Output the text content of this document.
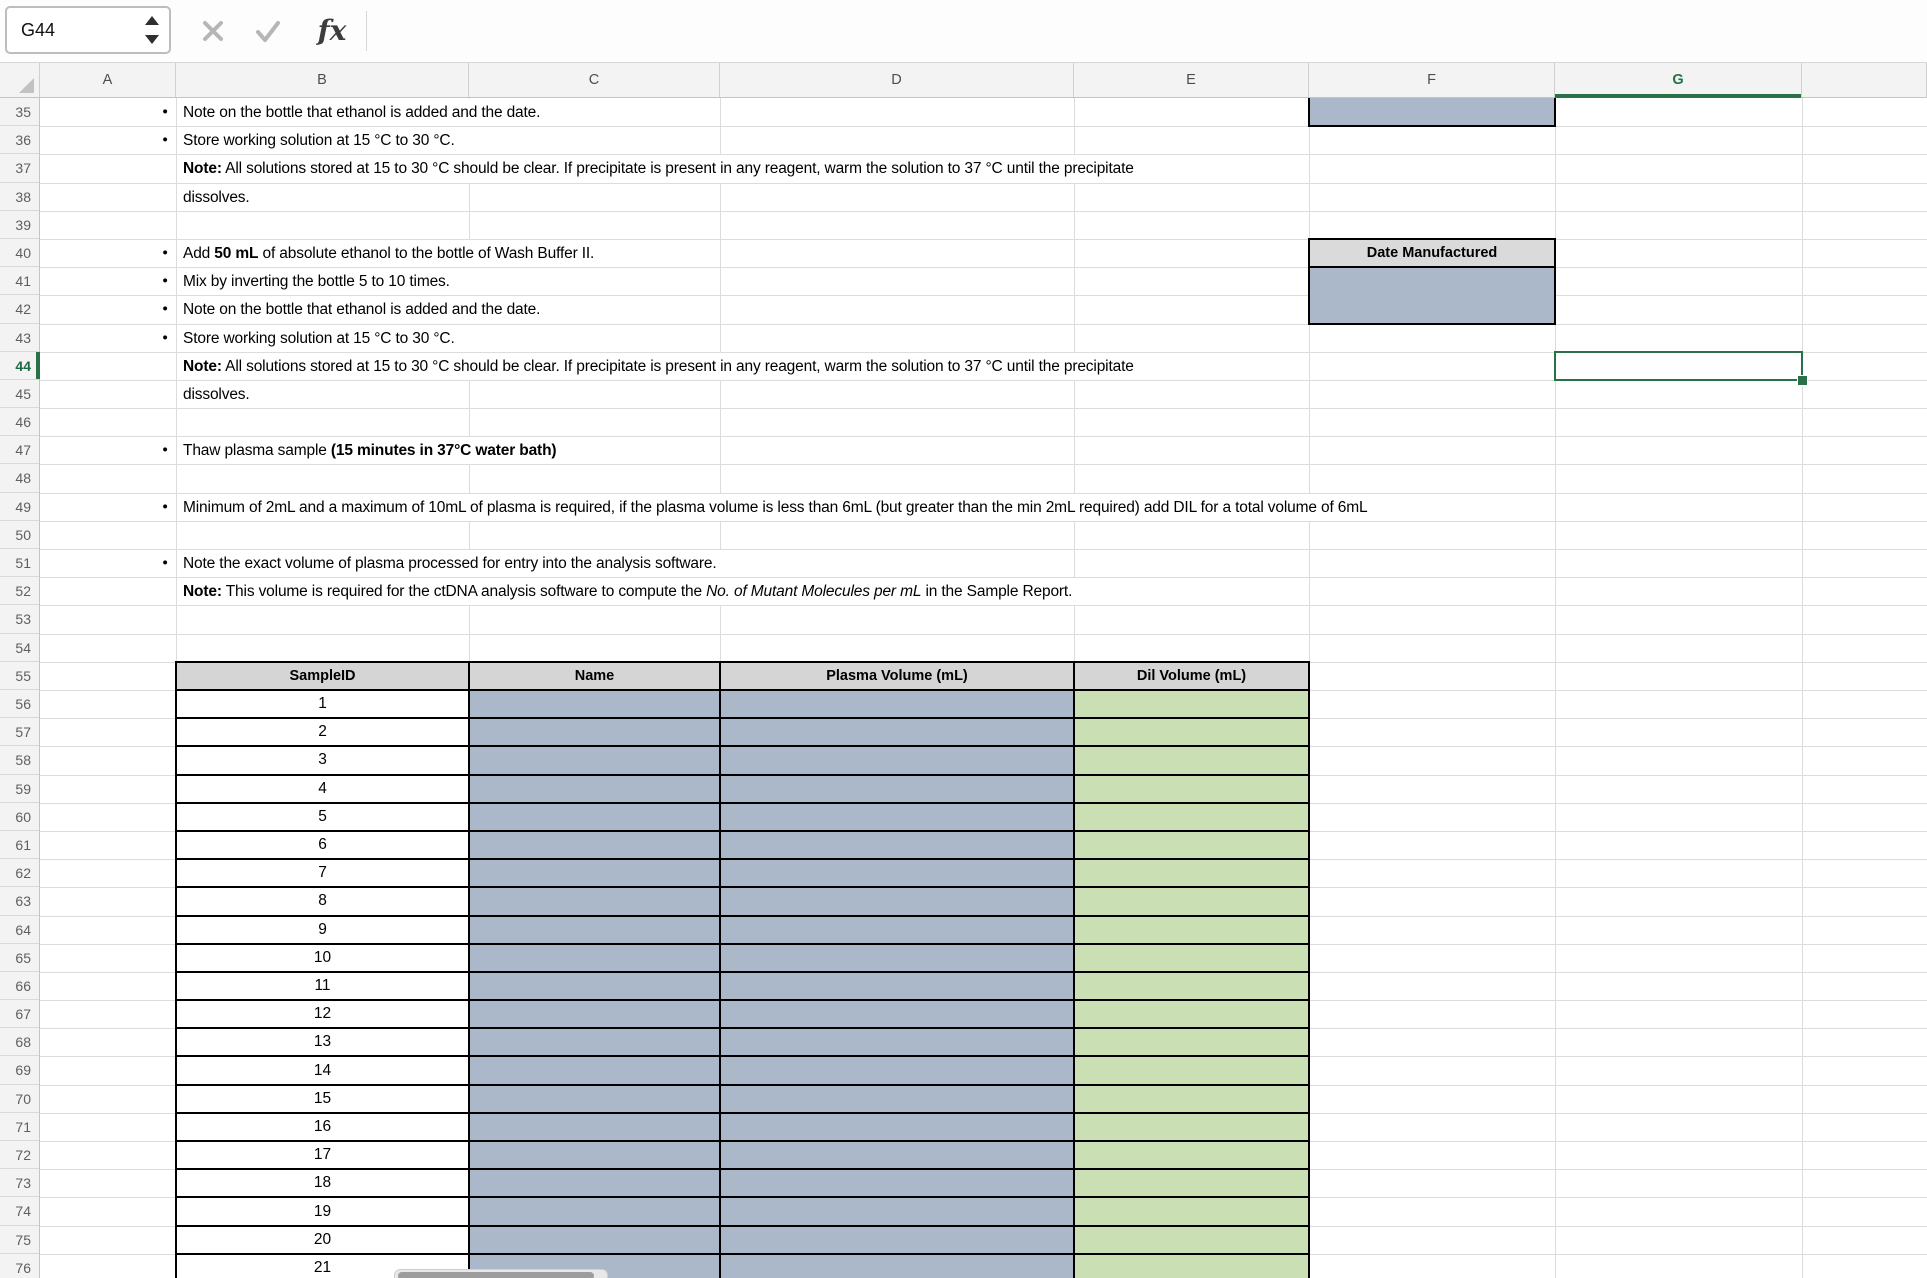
G44	fx
A	B	C	D	E	F	G
35
36
37
38
39
40
41
42
43
44
45
46
47
48
49
50
51
52
53
54
55
56
57
58
59
60
61
62
63
64
65
66
67
68
69
70
71
72
73
74
75
76
● Note on the bottle that ethanol is added and the date.
● Store working solution at 15 °C to 30 °C.
Note: All solutions stored at 15 to 30 °C should be clear. If precipitate is present in any reagent, warm the solution to 37 °C until the precipitate
dissolves.
● Add 50 mL of absolute ethanol to the bottle of Wash Buffer II.
● Mix by inverting the bottle 5 to 10 times.
● Note on the bottle that ethanol is added and the date.
● Store working solution at 15 °C to 30 °C.
Note: All solutions stored at 15 to 30 °C should be clear. If precipitate is present in any reagent, warm the solution to 37 °C until the precipitate
dissolves.
● Thaw plasma sample (15 minutes in 37°C water bath)
● Minimum of 2mL and a maximum of 10mL of plasma is required, if the plasma volume is less than 6mL (but greater than the min 2mL required) add DIL for a total volume of 6mL
● Note the exact volume of plasma processed for entry into the analysis software.
Note: This volume is required for the ctDNA analysis software to compute the No. of Mutant Molecules per mL in the Sample Report.
Date Manufactured
SampleID	Name	Plasma Volume (mL)	Dil Volume (mL)
1
2
3
4
5
6
7
8
9
10
11
12
13
14
15
16
17
18
19
20
21
